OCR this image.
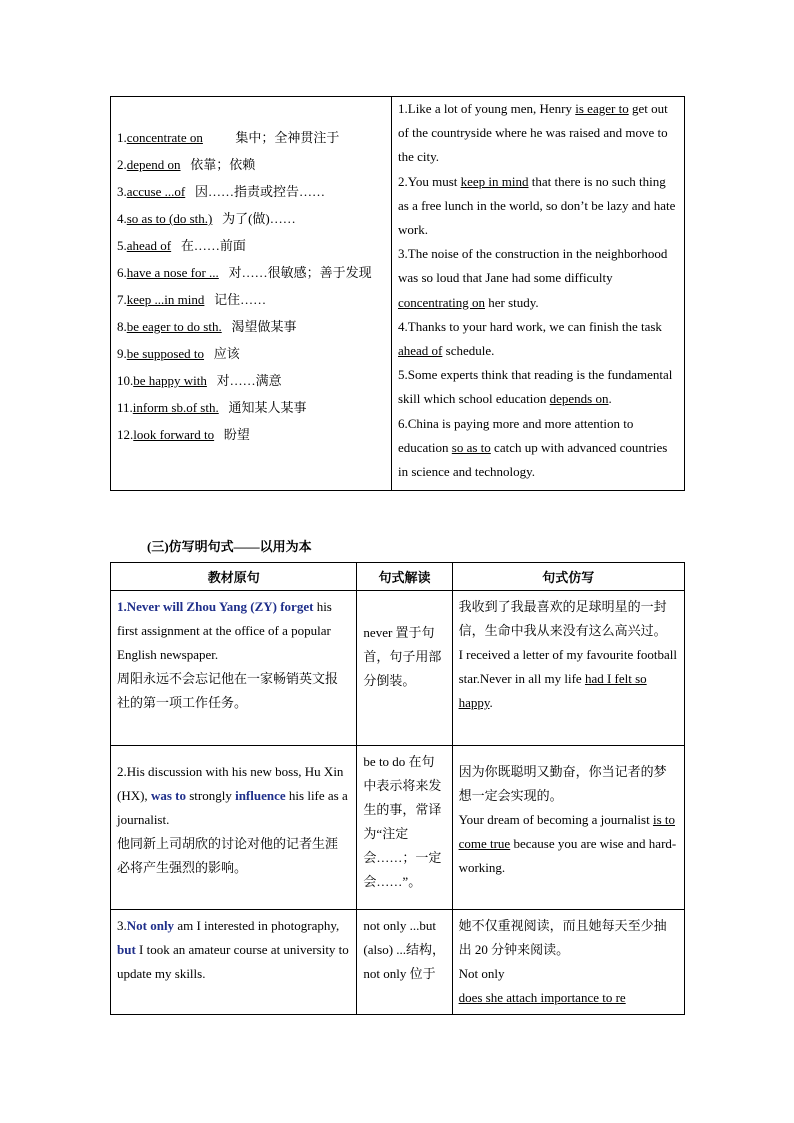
1.concentrate on	集中；全神贯注于
2.depend on 依靠；依赖
3.accuse ...of 因……指责或控告……
4.so as to (do sth.) 为了(做)……
5.ahead of 在……前面
6.have a nose for ... 对……很敏感；善于发现
7.keep ...in mind 记住……
8.be eager to do sth. 渴望做某事
9.be supposed to 应该
10.be happy with 对……满意
11.inform sb.of sth. 通知某人某事
12.look forward to 盼望

1.Like a lot of young men, Henry is eager to get out of the countryside where he was raised and move to the city.
2.You must keep in mind that there is no such thing as a free lunch in the world, so don’t be lazy and hate work.
3.The noise of the construction in the neighborhood was so loud that Jane had some difficulty concentrating on her study.
4.Thanks to your hard work, we can finish the task ahead of schedule.
5.Some experts think that reading is the fundamental skill which school education depends on.
6.China is paying more and more attention to education so as to catch up with advanced countries in science and technology.
(三)仿写明句式——以用为本
教材原句	句式解读	句式仿写
1.Never will Zhou Yang (ZY) forget his first assignment at the office of a popular English newspaper.
周阳永远不会忘记他在一家畅销英文报社的第一项工作任务。	never 置于句首，句子用部分倒装。	我收到了我最喜欢的足球明星的一封信，生命中我从来没有这么高兴过。
I received a letter of my favourite football star.Never in all my life had I felt so happy.
2.His discussion with his new boss, Hu Xin (HX), was to strongly influence his life as a journalist.
他同新上司胡欣的讨论对他的记者生涯必将产生强烈的影响。	be to do 在句中表示将来发生的事，常译为“注定会……；一定会……”。	因为你既聪明又勤奋，你当记者的梦想一定会实现的。
Your dream of becoming a journalist is to come true because you are wise and hard-working.
3.Not only am I interested in photography, but I took an amateur course at university to update my skills.	not only ...but (also) ...结构，not only 位于	她不仅重视阅读，而且她每天至少抽出 20 分钟来阅读。
Not only
does she attach importance to re
